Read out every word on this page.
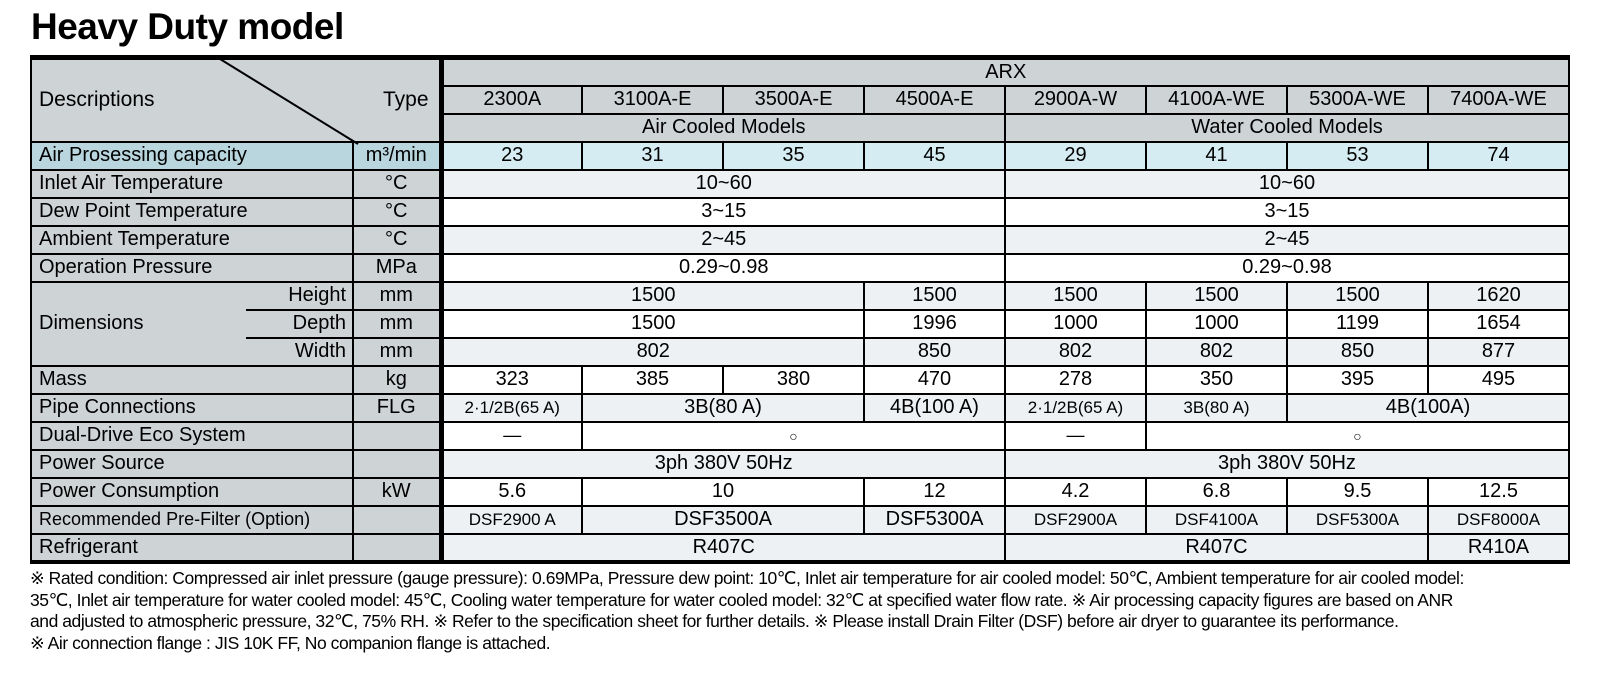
Heavy Duty model
Descriptions Type			ARX							
			2300A	3100A-E	3500A-E	4500A-E	2900A-W	4100A-WE	5300A-WE	7400A-WE
			Air Cooled Models				Water Cooled Models			
Air Prosessing capacity		m³/min	23	31	35	45	29	41	53	74
Inlet Air Temperature		°C	10~60				10~60			
Dew Point Temperature		°C	3~15				3~15			
Ambient Temperature		°C	2~45				2~45			
Operation Pressure		MPa	0.29~0.98				0.29~0.98			
Dimensions	Height	mm	1500			1500	1500	1500	1500	1620
	Depth	mm	1500			1996	1000	1000	1199	1654
	Width	mm	802			850	802	802	850	877
Mass		kg	323	385	380	470	278	350	395	495
Pipe Connections		FLG	2·1/2B(65 A)	3B(80 A)		4B(100 A)	2·1/2B(65 A)	3B(80 A)	4B(100A)	
Dual-Drive Eco System			—	○			—	○		
Power Source			3ph 380V 50Hz				3ph 380V 50Hz			
Power Consumption		kW	5.6	10		12	4.2	6.8	9.5	12.5
Recommended Pre-Filter (Option)			DSF2900 A	DSF3500A		DSF5300A	DSF2900A	DSF4100A	DSF5300A	DSF8000A
Refrigerant			R407C				R407C			R410A
※ Rated condition: Compressed air inlet pressure (gauge pressure): 0.69MPa, Pressure dew point: 10℃, Inlet air temperature for air cooled model: 50℃, Ambient temperature for air cooled model:
35℃, Inlet air temperature for water cooled model: 45℃, Cooling water temperature for water cooled model: 32℃ at specified water flow rate. ※ Air processing capacity figures are based on ANR
and adjusted to atmospheric pressure, 32℃, 75% RH. ※ Refer to the specification sheet for further details. ※ Please install Drain Filter (DSF) before air dryer to guarantee its performance.
※ Air connection flange : JIS 10K FF, No companion flange is attached.
